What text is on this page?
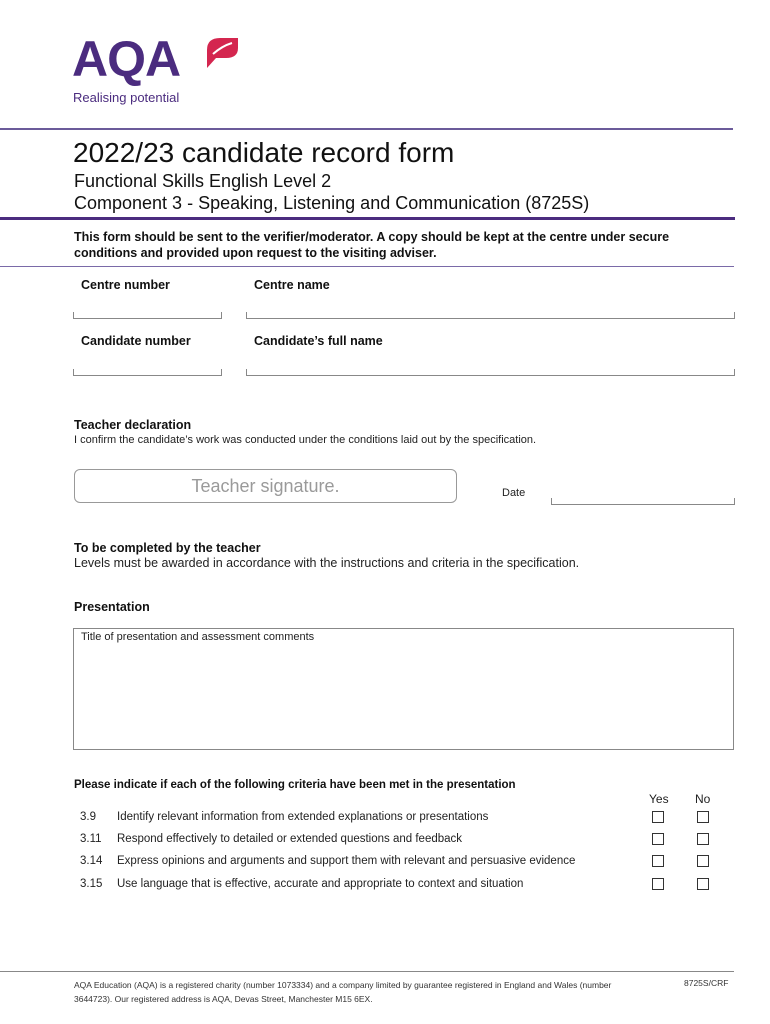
AQA
Realising potential
2022/23 candidate record form
Functional Skills English Level 2
Component 3 - Speaking, Listening and Communication (8725S)
This form should be sent to the verifier/moderator. A copy should be kept at the centre under secure conditions and provided upon request to the visiting adviser.
Centre number	Centre name
Candidate number	Candidate’s full name
Teacher declaration
I confirm the candidate’s work was conducted under the conditions laid out by the specification.
Teacher signature.	Date
To be completed by the teacher
Levels must be awarded in accordance with the instructions and criteria in the specification.
Presentation
Title of presentation and assessment comments
Please indicate if each of the following criteria have been met in the presentation
Yes No
3.9 Identify relevant information from extended explanations or presentations
3.11 Respond effectively to detailed or extended questions and feedback
3.14 Express opinions and arguments and support them with relevant and persuasive evidence
3.15 Use language that is effective, accurate and appropriate to context and situation
AQA Education (AQA) is a registered charity (number 1073334) and a company limited by guarantee registered in England and Wales (number 3644723). Our registered address is AQA, Devas Street, Manchester M15 6EX.
8725S/CRF
